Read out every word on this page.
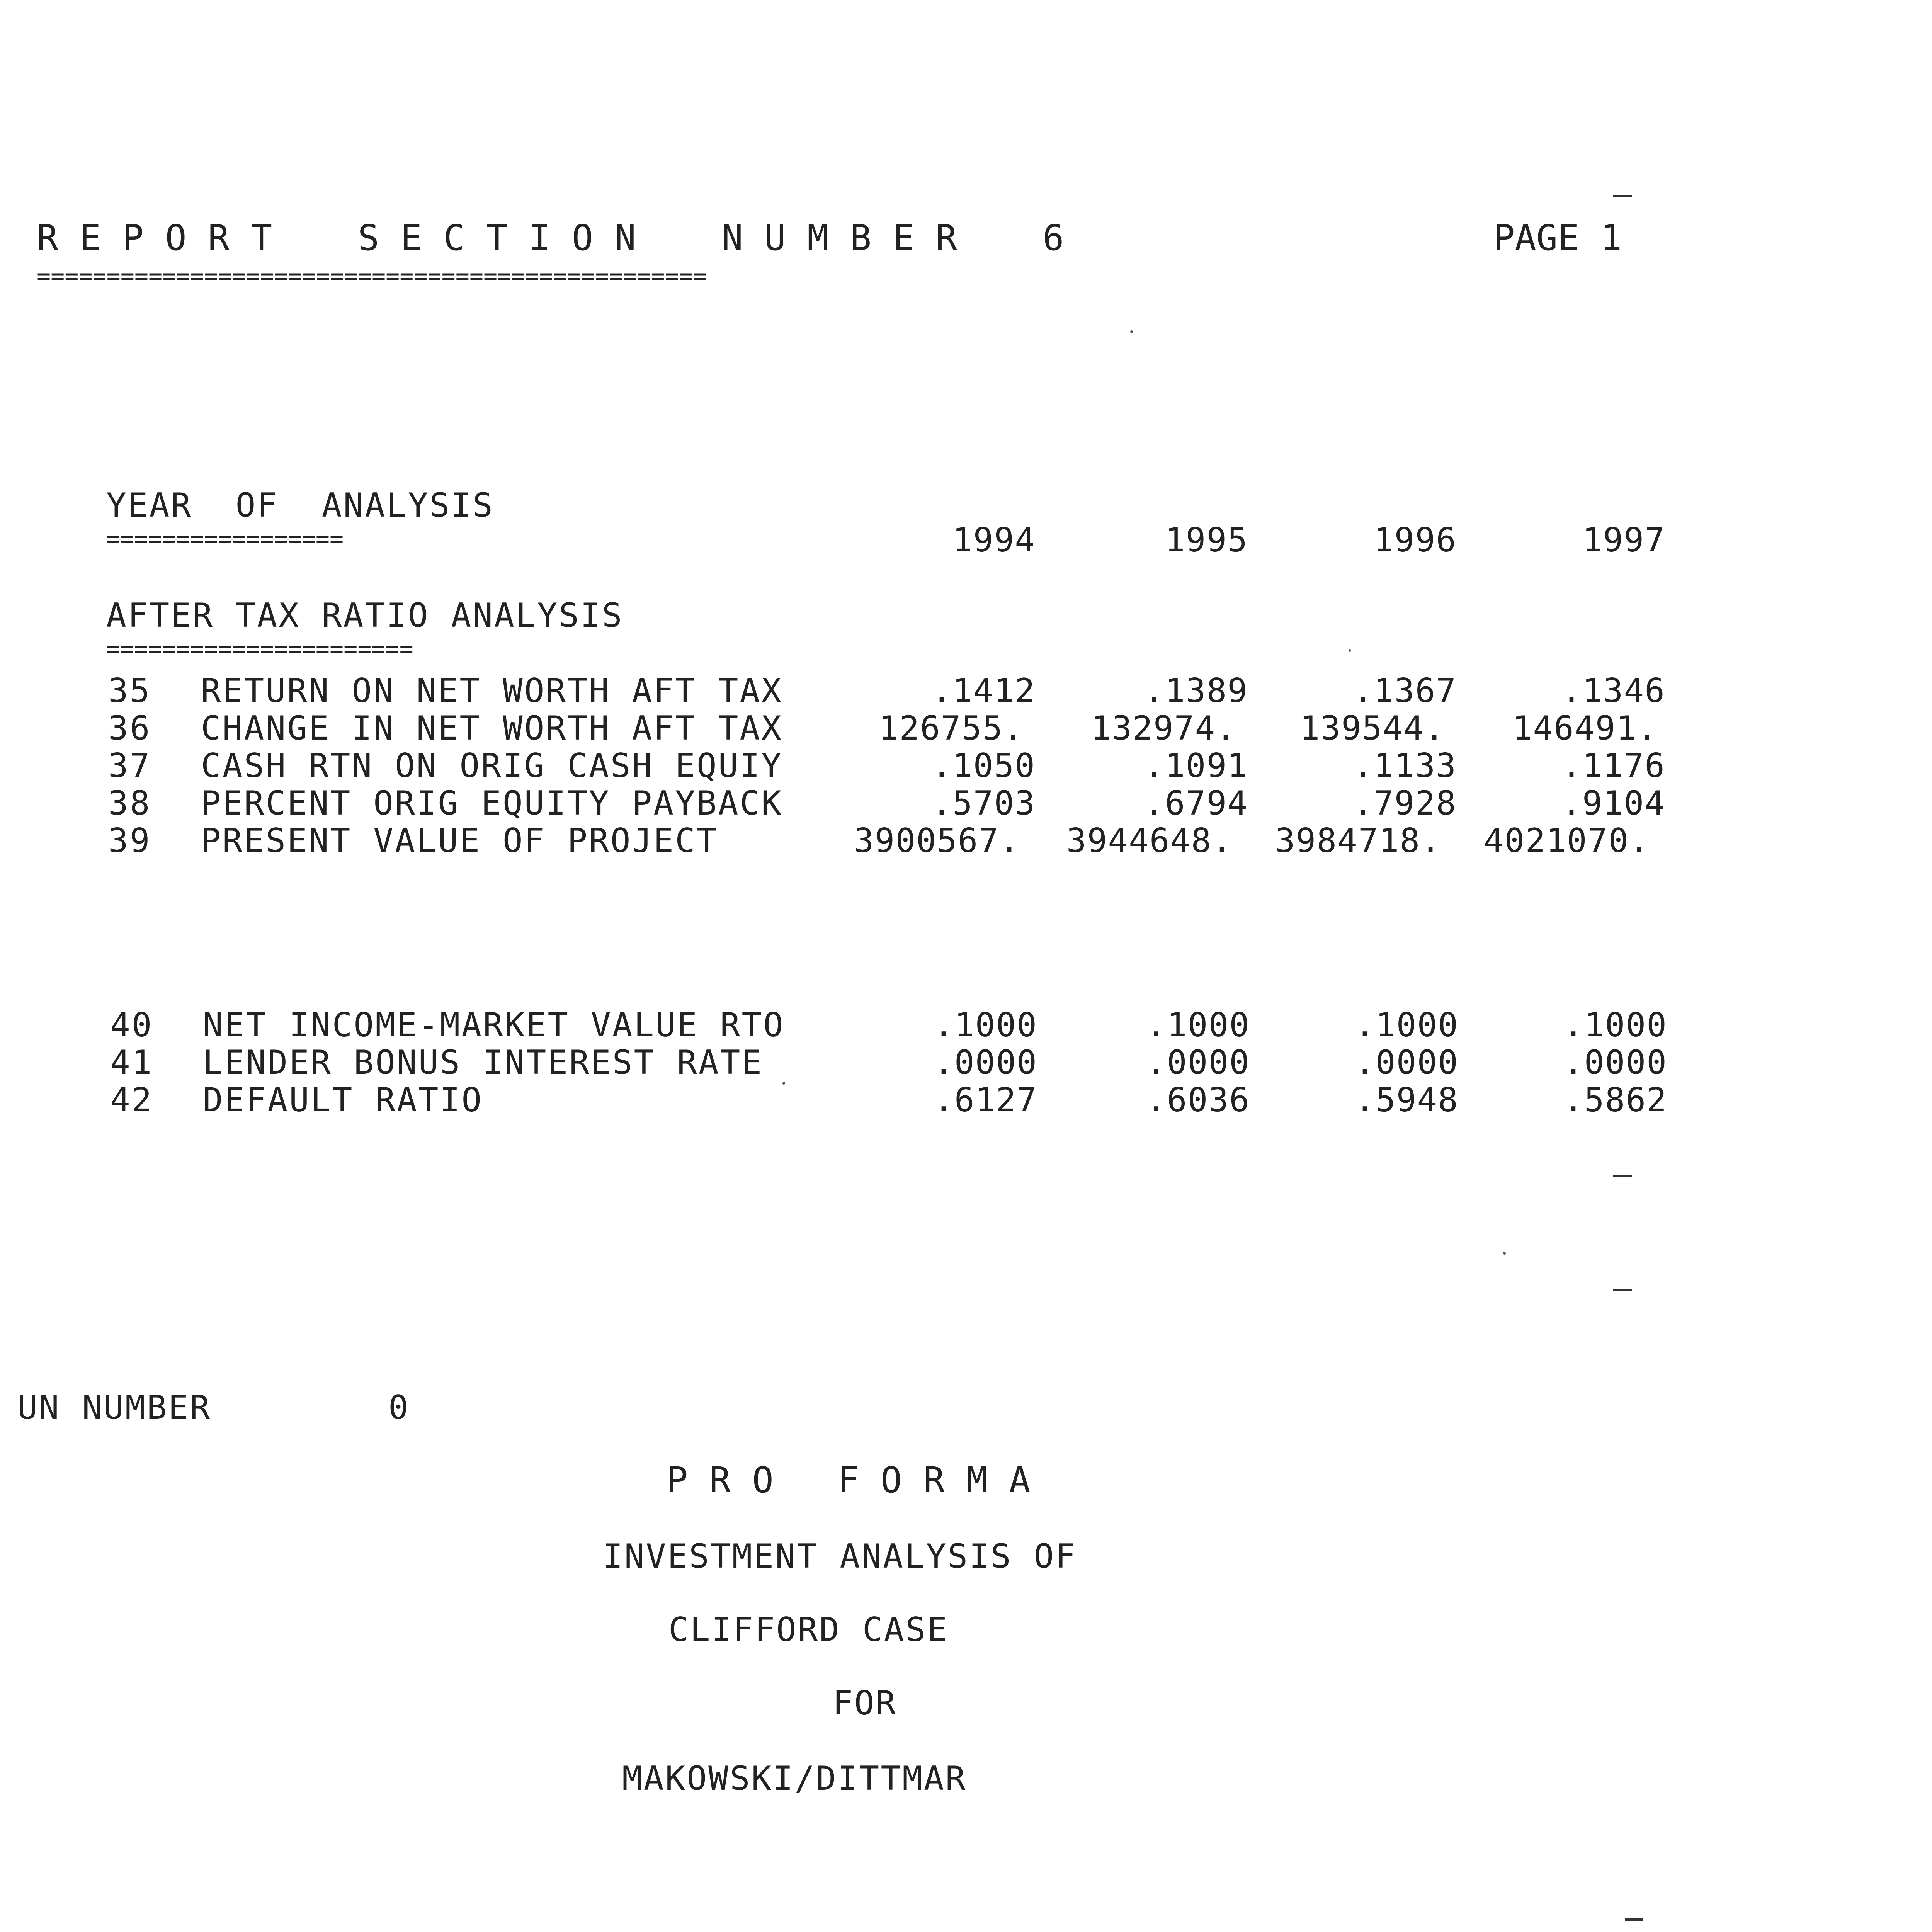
R E P O R T    S E C T I O N    N U M B E R    6	PAGE 1
================================================
YEAR  OF  ANALYSIS
=================	1994	1995	1996	1997
AFTER TAX RATIO ANALYSIS
======================
35 RETURN ON NET WORTH AFT TAX	.1412	.1389	.1367	.1346
36 CHANGE IN NET WORTH AFT TAX	126755.	132974.	139544.	146491.
37 CASH RTN ON ORIG CASH EQUIY	.1050	.1091	.1133	.1176
38 PERCENT ORIG EQUITY PAYBACK	.5703	.6794	.7928	.9104
39 PRESENT VALUE OF PROJECT	3900567.	3944648.	3984718.	4021070.
40 NET INCOME-MARKET VALUE RTO	.1000	.1000	.1000	.1000
41 LENDER BONUS INTEREST RATE	.0000	.0000	.0000	.0000
42 DEFAULT RATIO	.6127	.6036	.5948	.5862
UN NUMBER	0
P R O   F O R M A
INVESTMENT ANALYSIS OF
CLIFFORD CASE
FOR
MAKOWSKI/DITTMAR
